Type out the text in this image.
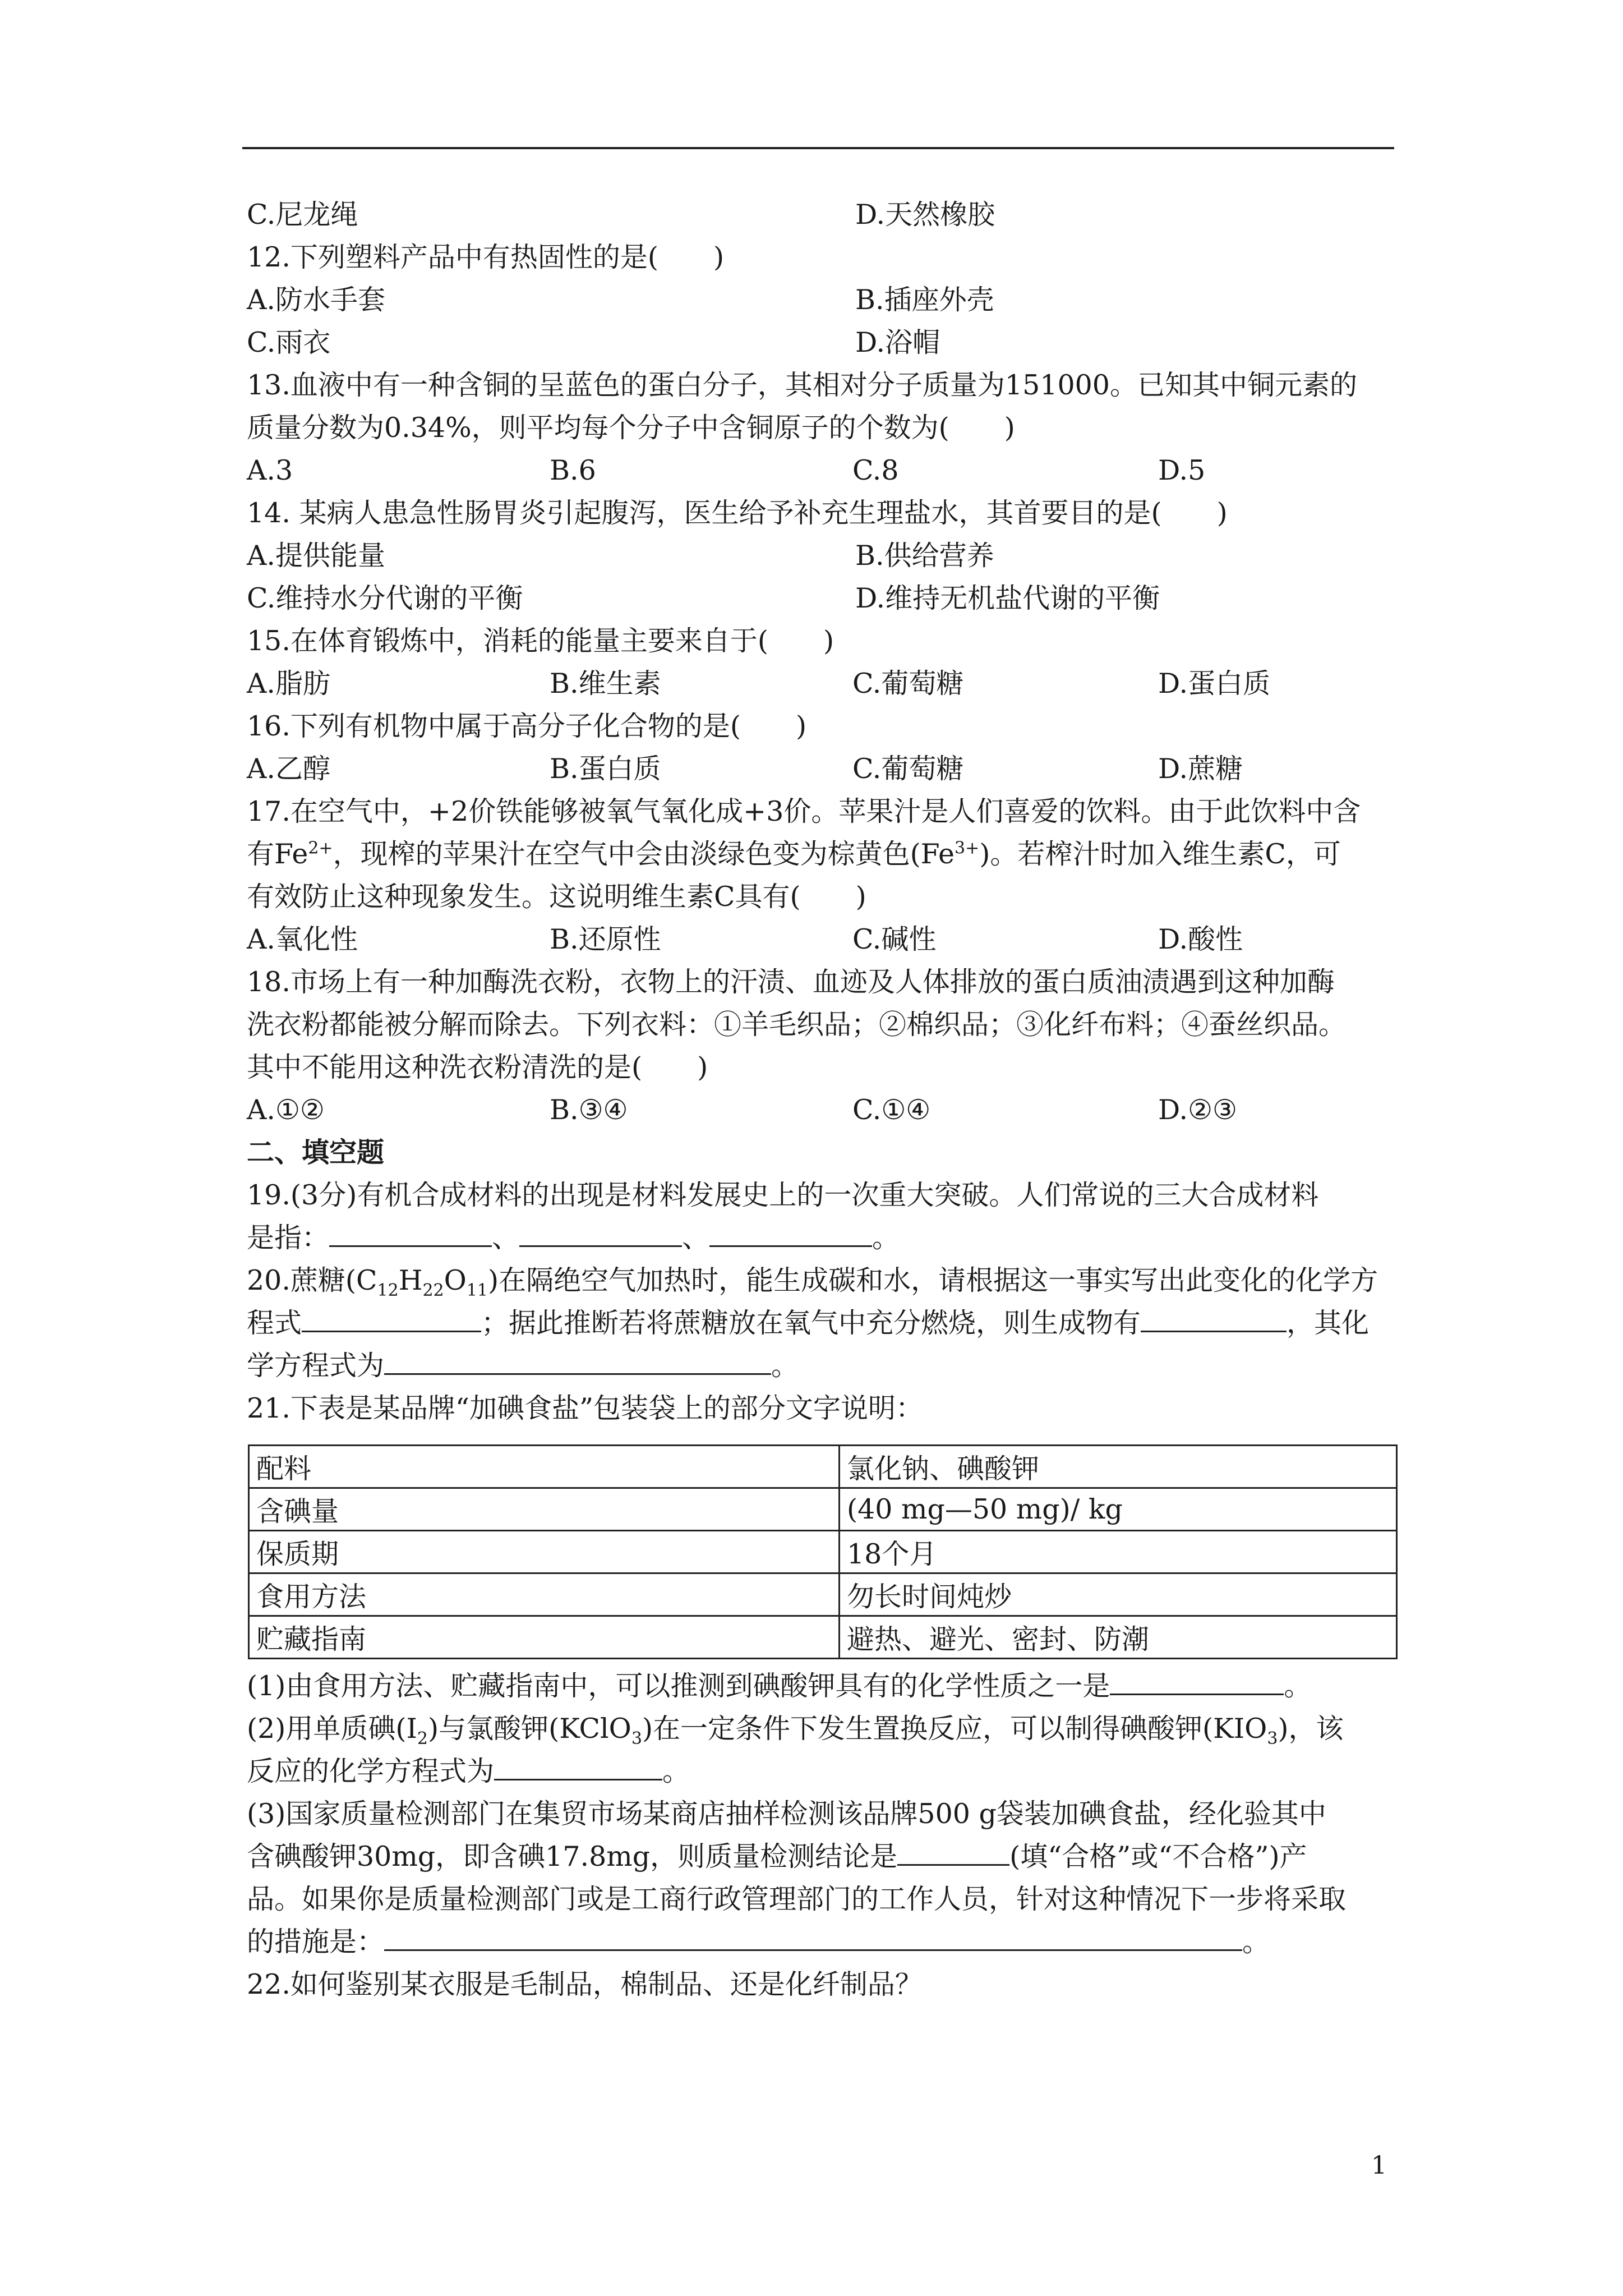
C.尼龙绳	D.天然橡胶
12.下列塑料产品中有热固性的是(　　)
A.防水手套	B.插座外壳
C.雨衣	D.浴帽
13.血液中有一种含铜的呈蓝色的蛋白分子，其相对分子质量为151000。已知其中铜元素的
质量分数为0.34%，则平均每个分子中含铜原子的个数为(　　)
A.3	B.6	C.8	D.5
14. 某病人患急性肠胃炎引起腹泻，医生给予补充生理盐水，其首要目的是(　　)
A.提供能量	B.供给营养
C.维持水分代谢的平衡	D.维持无机盐代谢的平衡
15.在体育锻炼中，消耗的能量主要来自于(　　)
A.脂肪	B.维生素	C.葡萄糖	D.蛋白质
16.下列有机物中属于高分子化合物的是(　　)
A.乙醇	B.蛋白质	C.葡萄糖	D.蔗糖
17.在空气中，+2价铁能够被氧气氧化成+3价。苹果汁是人们喜爱的饮料。由于此饮料中含
有$Fe^{2+}$，现榨的苹果汁在空气中会由淡绿色变为棕黄色$(Fe^{3+})$。若榨汁时加入维生素C，可
有效防止这种现象发生。这说明维生素C具有(　　)
A.氧化性	B.还原性	C.碱性	D.酸性
18.市场上有一种加酶洗衣粉，衣物上的汗渍、血迹及人体排放的蛋白质油渍遇到这种加酶
洗衣粉都能被分解而除去。下列衣料：①羊毛织品；②棉织品；③化纤布料；④蚕丝织品。
其中不能用这种洗衣粉清洗的是(　　)
A.①②	B.③④	C.①④	D.②③
二、填空题
19.(3分)有机合成材料的出现是材料发展史上的一次重大突破。人们常说的三大合成材料
是指：	、	、	。
20.蔗糖$(C_{12}H_{22}O_{11})$在隔绝空气加热时，能生成碳和水，请根据这一事实写出此变化的化学方
程式	；据此推断若将蔗糖放在氧气中充分燃烧，则生成物有	，其化
学方程式为	。
21.下表是某品牌“加碘食盐”包装袋上的部分文字说明：
配料	氯化钠、碘酸钾
含碘量	(40 mg—50 mg)/ kg
保质期	18个月
食用方法	勿长时间炖炒
贮藏指南	避热、避光、密封、防潮
(1)由食用方法、贮藏指南中，可以推测到碘酸钾具有的化学性质之一是	。
(2)用单质碘$(I_2)$与氯酸钾(KClO$_3$)在一定条件下发生置换反应，可以制得碘酸钾$(KIO_3)$，该
反应的化学方程式为	。
(3)国家质量检测部门在集贸市场某商店抽样检测该品牌500 g袋装加碘食盐，经化验其中
含碘酸钾30mg，即含碘17.8mg，则质量检测结论是	(填“合格”或“不合格”)产
品。如果你是质量检测部门或是工商行政管理部门的工作人员，针对这种情况下一步将采取
的措施是：	。
22.如何鉴别某衣服是毛制品，棉制品、还是化纤制品？
1
